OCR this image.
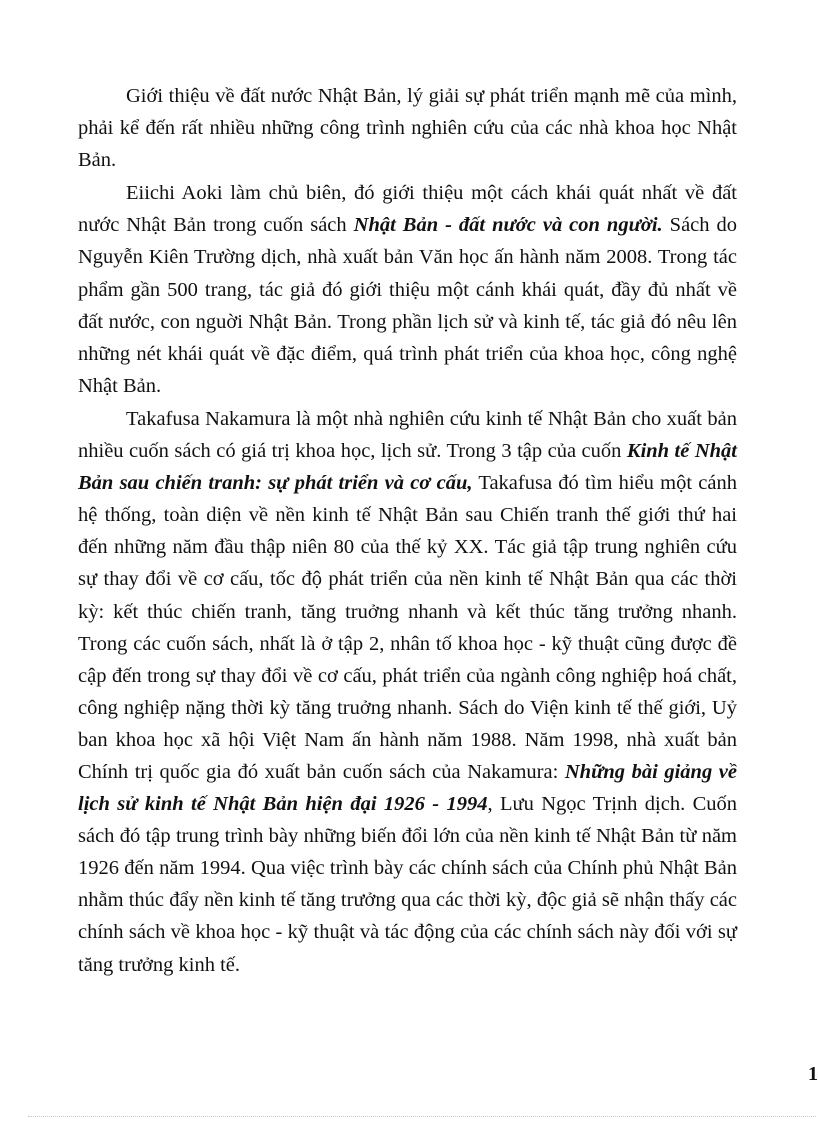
Giới thiệu về đất nước Nhật Bản, lý giải sự phát triển mạnh mẽ của mình, phải kể đến rất nhiều những công trình nghiên cứu của các nhà khoa học Nhật Bản.

Eiichi Aoki làm chủ biên, đó giới thiệu một cách khái quát nhất về đất nước Nhật Bản trong cuốn sách Nhật Bản - đất nước và con người. Sách do Nguyễn Kiên Trường dịch, nhà xuất bản Văn học ấn hành năm 2008. Trong tác phẩm gần 500 trang, tác giả đó giới thiệu một cánh khái quát, đầy đủ nhất về đất nước, con nguời Nhật Bản. Trong phần lịch sử và kinh tế, tác giả đó nêu lên những nét khái quát về đặc điểm, quá trình phát triển của khoa học, công nghệ Nhật Bản.

Takafusa Nakamura là một nhà nghiên cứu kinh tế Nhật Bản cho xuất bản nhiều cuốn sách có giá trị khoa học, lịch sử. Trong 3 tập của cuốn Kinh tế Nhật Bản sau chiến tranh: sự phát triển và cơ cấu, Takafusa đó tìm hiểu một cánh hệ thống, toàn diện về nền kinh tế Nhật Bản sau Chiến tranh thế giới thứ hai đến những năm đầu thập niên 80 của thế kỷ XX. Tác giả tập trung nghiên cứu sự thay đổi về cơ cấu, tốc độ phát triển của nền kinh tế Nhật Bản qua các thời kỳ: kết thúc chiến tranh, tăng truởng nhanh và kết thúc tăng trưởng nhanh. Trong các cuốn sách, nhất là ở tập 2, nhân tố khoa học - kỹ thuật cũng được đề cập đến trong sự thay đổi về cơ cấu, phát triển của ngành công nghiệp hoá chất, công nghiệp nặng thời kỳ tăng truởng nhanh. Sách do Viện kinh tế thế giới, Uỷ ban khoa học xã hội Việt Nam ấn hành năm 1988. Năm 1998, nhà xuất bản Chính trị quốc gia đó xuất bản cuốn sách của Nakamura: Những bài giảng về lịch sử kinh tế Nhật Bản hiện đại 1926 - 1994, Lưu Ngọc Trịnh dịch. Cuốn sách đó tập trung trình bày những biến đổi lớn của nền kinh tế Nhật Bản từ năm 1926 đến năm 1994. Qua việc trình bày các chính sách của Chính phủ Nhật Bản nhằm thúc đẩy nền kinh tế tăng trưởng qua các thời kỳ, độc giả sẽ nhận thấy các chính sách về khoa học - kỹ thuật và tác động của các chính sách này đối với sự tăng trưởng kinh tế.

1
